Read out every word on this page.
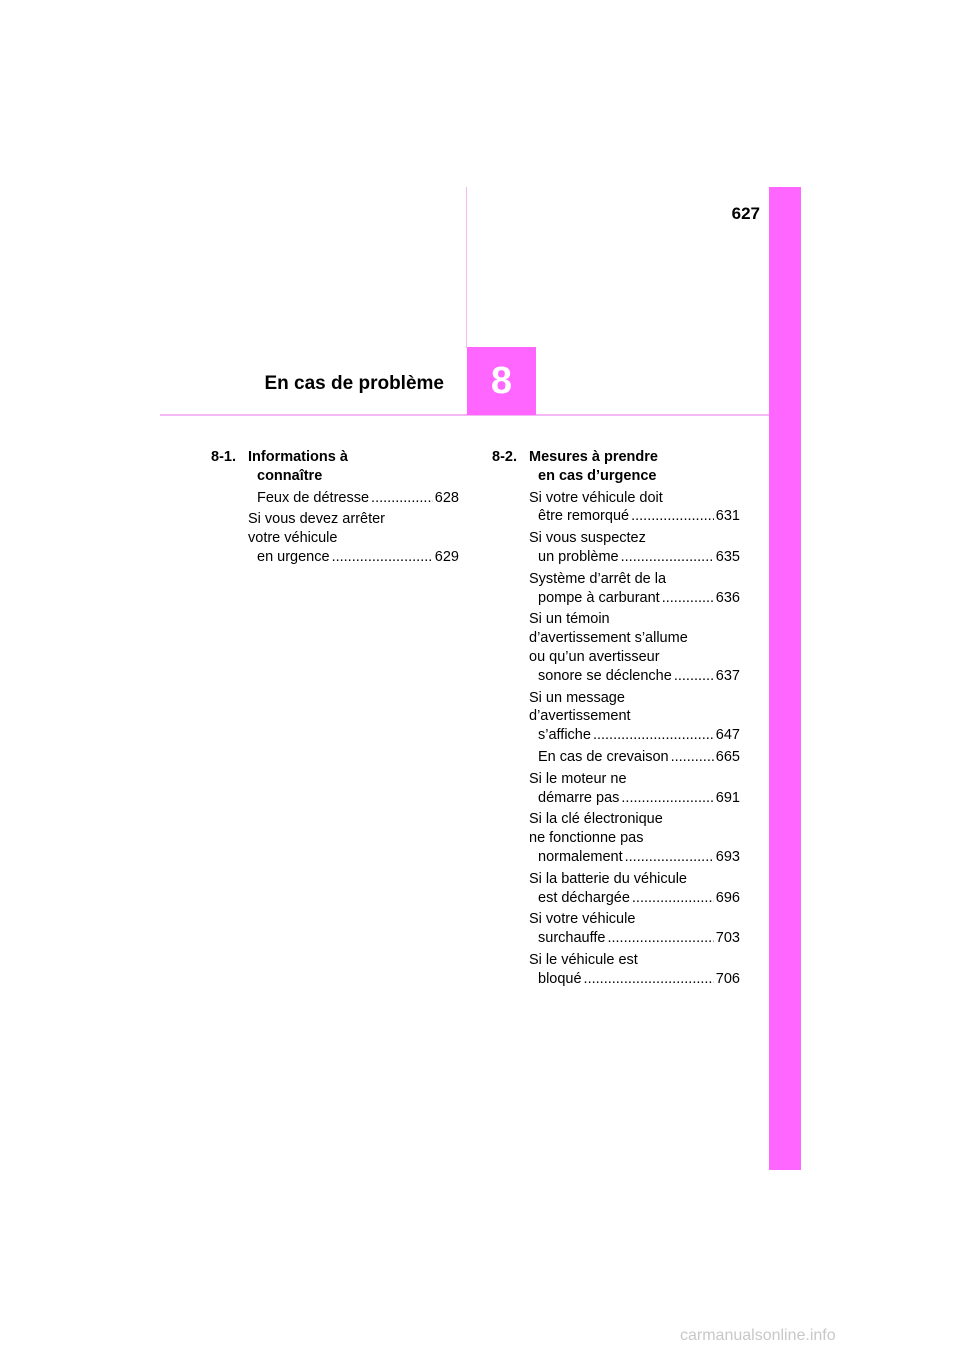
627
En cas de problème	8
8-1. Informations à
connaître
Feux de détresse .....	628
Si vous devez arrêter
votre véhicule
en urgence .....	629
8-2. Mesures à prendre
en cas d’urgence
Si votre véhicule doit
être remorqué .....	631
Si vous suspectez
un problème .....	635
Système d’arrêt de la
pompe à carburant .....	636
Si un témoin
d’avertissement s’allume
ou qu’un avertisseur
sonore se déclenche .....	637
Si un message
d’avertissement
s’affiche .....	647
En cas de crevaison .....	665
Si le moteur ne
démarre pas .....	691
Si la clé électronique
ne fonctionne pas
normalement .....	693
Si la batterie du véhicule
est déchargée .....	696
Si votre véhicule
surchauffe .....	703
Si le véhicule est
bloqué .....	706
carmanualsonline.info
